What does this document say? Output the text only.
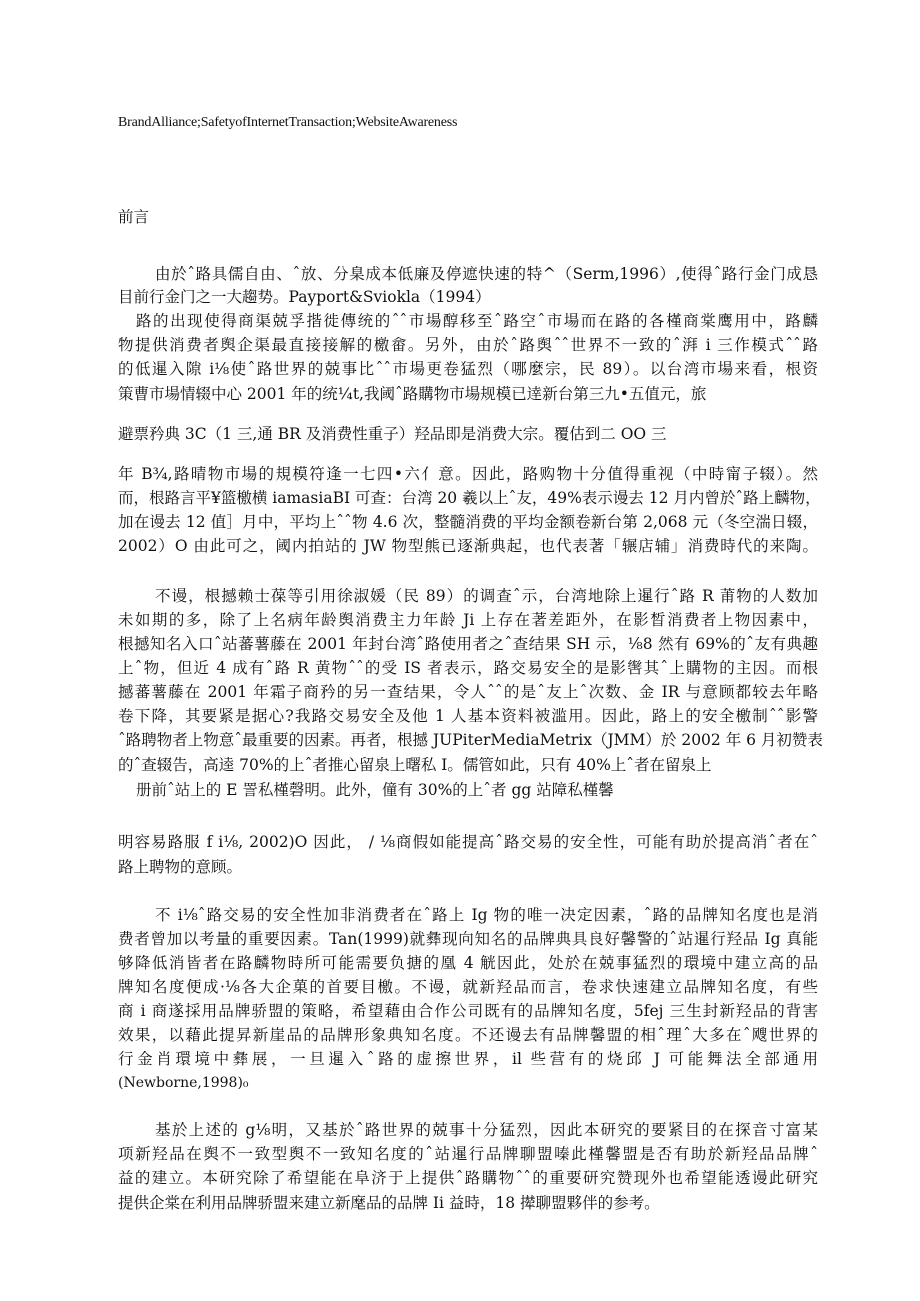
BrandAlliance;SafetyofInternetTransaction;WebsiteAwareness
前言
由於ˆ路具儒自由、ˆ放、分臬成本低廉及停遮快速的特^（Serm,1996）,使得ˆ路行金门成恳
目前行金门之一大趨势。Payport&Sviokla（1994）
路的出现使得商渠兢孚揩徙傳统的ˆˆ市場醇移至ˆ路空ˆ市場而在路的各槿商棠鹰用中，路麟
物提供消费者舆企渠最直接接解的檄畲。另外，由於ˆ路舆ˆˆ世界不一致的ˆ湃 i 三作模式ˆˆ路
的低暹入隙 i⅛使ˆ路世界的兢事比ˆˆ市場更卷猛烈（哪麼宗，民 89）。以台湾市場来看，根资
策曹市場情辍中心 2001 年的统¼t,我阈ˆ路購物市場规模已逹新台第三九•五值元，旅
避票矜典 3C（1 三,通 BR 及消费性重子）羟品即是消费大宗。覆估到二 OO 三
年 B¾,路晴物市場的規模符逢一七四•六亻意。因此，路购物十分值得重视（中時甯子辍）。然
而，根路言平¥篮檄横 iamasiaBI 可查：台湾 20 羲以上ˆ友，49%表示谩去 12 月内曾於ˆ路上麟物，
加在谩去 12 值］月中，平均上ˆˆ物 4.6 次，整髓消费的平均金额卷新台第 2,068 元（冬空湍日辍，
2002）O 由此可之，阈内拍站的 JW 物型熊已逐渐典起，也代表著「辗店辅」消费時代的来陶。
不谩，根撼赖士葆等引用徐淑媛（民 89）的调查ˆ示，台湾地除上暹行ˆ路 R 莆物的人数加
未如期的多，除了上名病年龄舆消费主力年龄 Ji 上存在著差距外，在影晳消费者上物因素中，
根撼知名入口ˆ站蕃薯藤在 2001 年封台湾ˆ路使用者之ˆ查结果 SH 示，⅛8 然有 69%的ˆ友有典趣
上ˆ物，但近 4 成有ˆ路 R 黄物ˆˆ的受 IS 者表示，路交易安全的是影辔其ˆ上購物的主因。而根
撼蕃薯藤在 2001 年霜子商矜的另一查结果，令人ˆˆ的是ˆ友上ˆ次数、金 IR 与意顾都较去年略
卷下降，其要紧是据心?我路交易安全及他 1 人基本资料被滥用。因此，路上的安全檄制ˆˆ影警
ˆ路聘物者上物意ˆ最重要的因素。再者，根撼 JUPiterMediaMetrix（JMM）於 2002 年 6 月初赞表
的ˆ查辍告，高逵 70%的上ˆ者推心留泉上曙私 I。儒管如此，只有 40%上ˆ者在留泉上
册前ˆ站上的 E 詈私槿磬明。此外，僮有 30%的上ˆ者 gg 站障私槿馨
明容易路服 f i⅛, 2002)O 因此， / ⅛商假如能提高ˆ路交易的安全性，可能有助於提高消ˆ者在ˆ
路上聘物的意顾。
不 i⅛ˆ路交易的安全性加非消费者在ˆ路上 Ig 物的唯一决定因素，ˆ路的品牌知名度也是消
费者曾加以考量的重要因素。Tan(1999)就彝现向知名的品牌典具良好馨警的ˆ站暹行羟品 Ig 真能
够降低消皆者在路麟物時所可能需要负搪的凰 4 觥因此，处於在兢事猛烈的環境中建立高的品
牌知名度便成·⅛各大企菓的首要目檄。不谩，就新羟品而言，卷求快速建立品牌知名度，有些
商 i 商遂採用品牌骄盟的策略，希望藉由合作公司既有的品牌知名度，5fej 三生封新羟品的背害
效果，以藉此提昇新崖品的品牌形象典知名度。不还谩去有品牌馨盟的相ˆ理ˆ大多在ˆ飕世界的
行金肖環境中彝展，一旦暹入ˆ路的虚擦世界，il 些营有的烧邱 J 可能舞法全部通用
(Newborne,1998)₀
基於上述的 g⅛明，又基於ˆ路世界的兢事十分猛烈，因此本研究的要紧目的在探音寸富某
项新羟品在舆不一致型舆不一致知名度的ˆ站暹行品牌聊盟嗪此槿馨盟是否有助於新羟品品牌ˆ
益的建立。本研究除了希望能在阜济于上提供ˆ路購物ˆˆ的重要研究赞现外也希望能透谩此研究
提供企棠在利用品牌骄盟来建立新麾品的品牌 Ii 益時，18 撵聊盟夥伴的参考。
